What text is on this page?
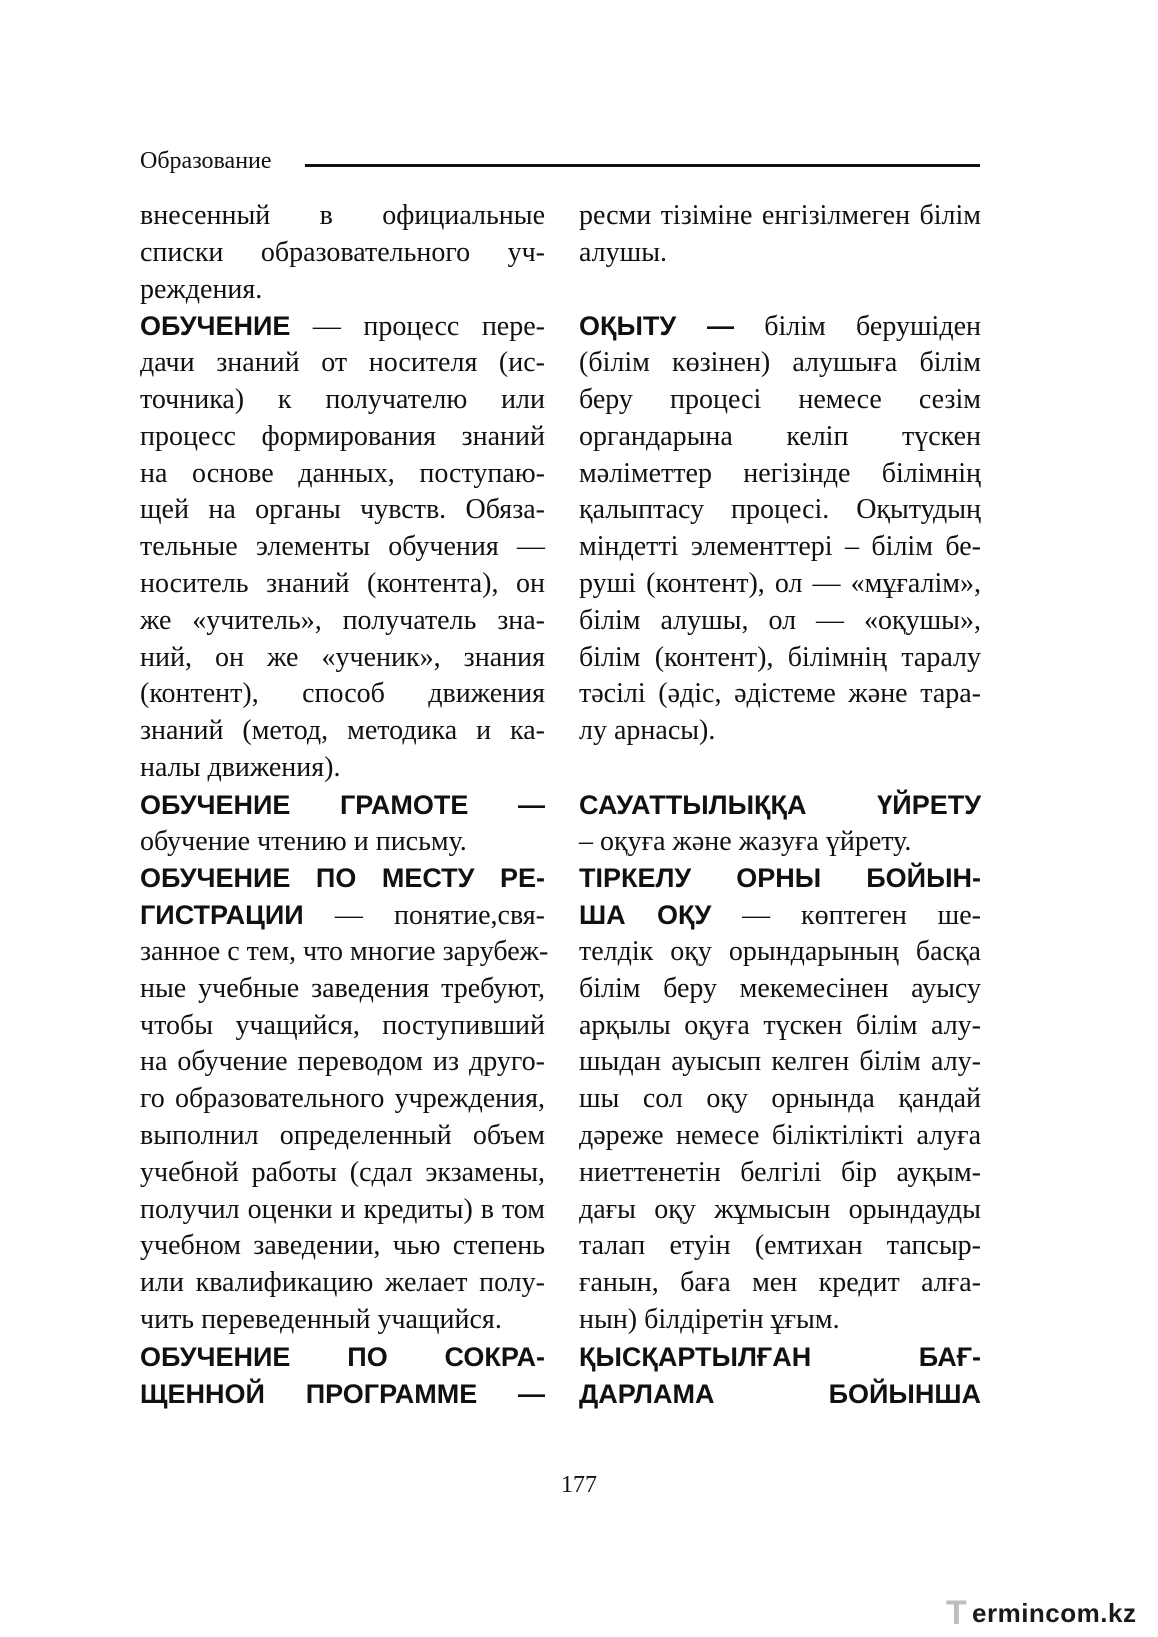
Образование
внесенный в официальные
списки образовательного уч-
реждения.
ОБУЧЕНИЕ — процесс пере-
дачи знаний от носителя (ис-
точника) к получателю или
процесс формирования знаний
на основе данных, поступаю-
щей на органы чувств. Обяза-
тельные элементы обучения —
носитель знаний (контента), он
же «учитель», получатель зна-
ний, он же «ученик», знания
(контент), способ движения
знаний (метод, методика и ка-
налы движения).
ОБУЧЕНИЕ ГРАМОТЕ —
обучение чтению и письму.
ОБУЧЕНИЕ ПО МЕСТУ РЕ-
ГИСТРАЦИИ — понятие,свя-
занное с тем, что многие зарубеж-
ные учебные заведения требуют,
чтобы учащийся, поступивший
на обучение переводом из друго-
го образовательного учреждения,
выполнил определенный объем
учебной работы (сдал экзамены,
получил оценки и кредиты) в том
учебном заведении, чью степень
или квалификацию желает полу-
чить переведенный учащийся.
ОБУЧЕНИЕ ПО СОКРА-
ЩЕННОЙ ПРОГРАММЕ —
ресми тізіміне енгізілмеген білім
алушы.
ОҚЫТУ — білім берушіден
(білім көзінен) алушыға білім
беру процесі немесе сезім
органдарына келіп түскен
мәліметтер негізінде білімнің
қалыптасу процесі. Оқытудың
міндетті элементтері – білім бе-
руші (контент), ол — «мұғалім»,
білім алушы, ол — «оқушы»,
білім (контент), білімнің таралу
тәсілі (әдіс, әдістеме және тара-
лу арнасы).
САУАТТЫЛЫҚҚА ҮЙРЕТУ
– оқуға және жазуға үйрету.
ТІРКЕЛУ ОРНЫ БОЙЫН-
ША ОҚУ — көптеген ше-
телдік оқу орындарының басқа
білім беру мекемесінен ауысу
арқылы оқуға түскен білім алу-
шыдан ауысып келген білім алу-
шы сол оқу орнында қандай
дәреже немесе біліктілікті алуға
ниеттенетін белгілі бір ауқым-
дағы оқу жұмысын орындауды
талап етуін (емтихан тапсыр-
ғанын, баға мен кредит алға-
нын) білдіретін ұғым.
ҚЫСҚАРТЫЛҒАН БАҒ-
ДАРЛАМА БОЙЫНША
177
T ermincom.kz
